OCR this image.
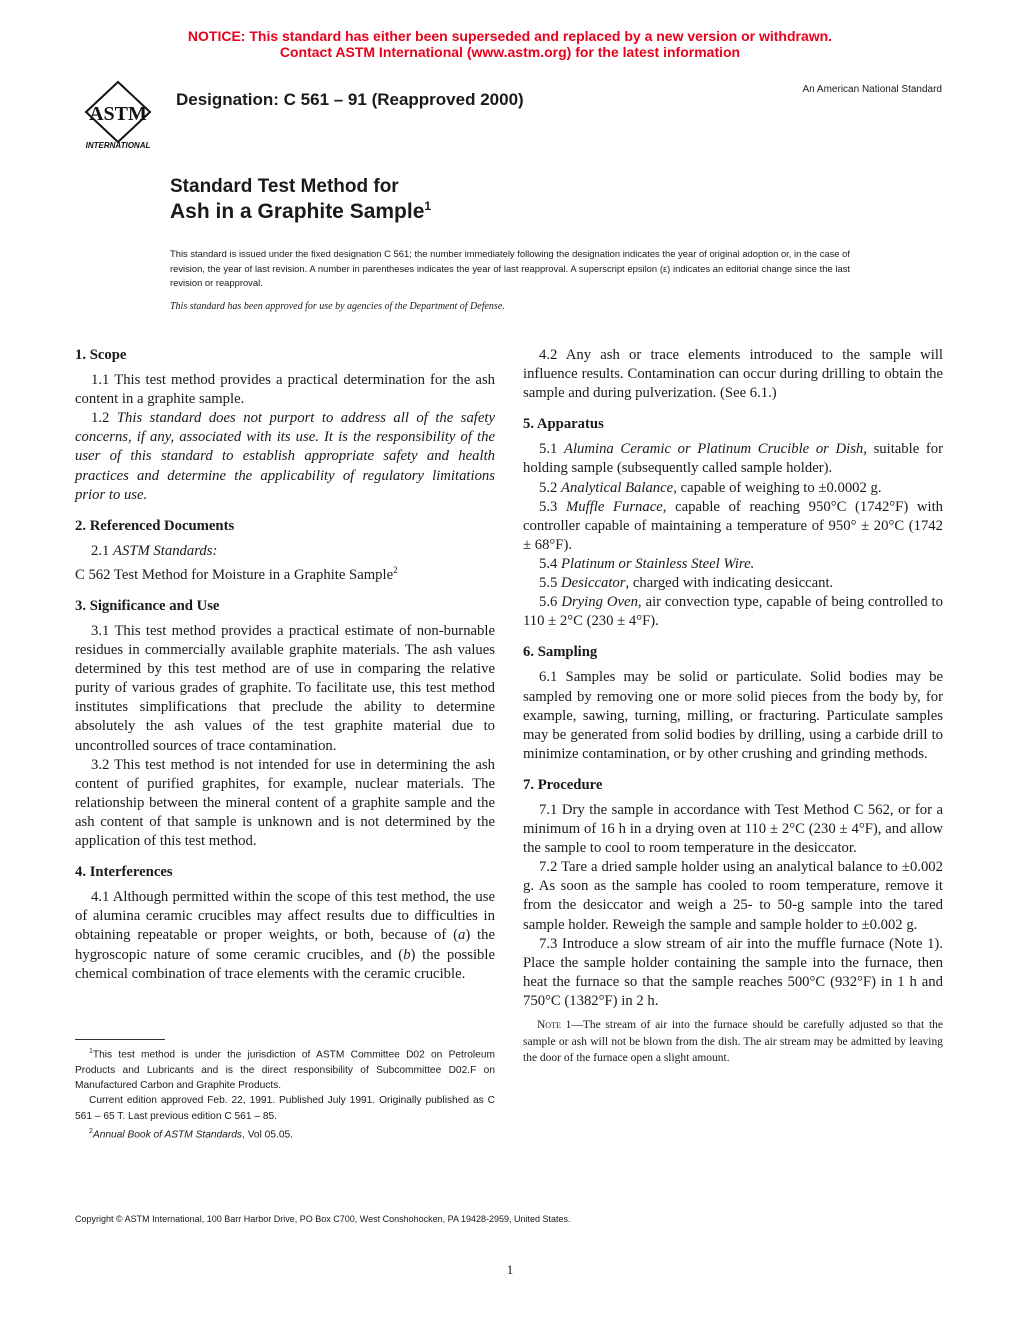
NOTICE: This standard has either been superseded and replaced by a new version or withdrawn.
Contact ASTM International (www.astm.org) for the latest information
ASTM
INTERNATIONAL
Designation: C 561 – 91 (Reapproved 2000)
An American National Standard
Standard Test Method for
Ash in a Graphite Sample$^1$
This standard is issued under the fixed designation C 561; the number immediately following the designation indicates the year of original adoption or, in the case of revision, the year of last revision. A number in parentheses indicates the year of last reapproval. A superscript epsilon (ε) indicates an editorial change since the last revision or reapproval.
This standard has been approved for use by agencies of the Department of Defense.
1. Scope

1.1 This test method provides a practical determination for the ash content in a graphite sample.

1.2 This standard does not purport to address all of the safety concerns, if any, associated with its use. It is the responsibility of the user of this standard to establish appropriate safety and health practices and determine the applicability of regulatory limitations prior to use.

2. Referenced Documents

2.1 ASTM Standards:

C 562 Test Method for Moisture in a Graphite Sample$^2$

3. Significance and Use

3.1 This test method provides a practical estimate of non-burnable residues in commercially available graphite materials. The ash values determined by this test method are of use in comparing the relative purity of various grades of graphite. To facilitate use, this test method institutes simplifications that preclude the ability to determine absolutely the ash values of the test graphite material due to uncontrolled sources of trace contamination.

3.2 This test method is not intended for use in determining the ash content of purified graphites, for example, nuclear materials. The relationship between the mineral content of a graphite sample and the ash content of that sample is unknown and is not determined by the application of this test method.

4. Interferences

4.1 Although permitted within the scope of this test method, the use of alumina ceramic crucibles may affect results due to difficulties in obtaining repeatable or proper weights, or both, because of (a) the hygroscopic nature of some ceramic crucibles, and (b) the possible chemical combination of trace elements with the ceramic crucible.

$^1$This test method is under the jurisdiction of ASTM Committee D02 on Petroleum Products and Lubricants and is the direct responsibility of Subcommittee D02.F on Manufactured Carbon and Graphite Products.

Current edition approved Feb. 22, 1991. Published July 1991. Originally published as C 561 – 65 T. Last previous edition C 561 – 85.

$^2$Annual Book of ASTM Standards, Vol 05.05.

4.2 Any ash or trace elements introduced to the sample will influence results. Contamination can occur during drilling to obtain the sample and during pulverization. (See 6.1.)

5. Apparatus

5.1 Alumina Ceramic or Platinum Crucible or Dish, suitable for holding sample (subsequently called sample holder).

5.2 Analytical Balance, capable of weighing to ±0.0002 g.

5.3 Muffle Furnace, capable of reaching 950°C (1742°F) with controller capable of maintaining a temperature of 950° ± 20°C (1742 ± 68°F).

5.4 Platinum or Stainless Steel Wire.

5.5 Desiccator, charged with indicating desiccant.

5.6 Drying Oven, air convection type, capable of being controlled to 110 ± 2°C (230 ± 4°F).

6. Sampling

6.1 Samples may be solid or particulate. Solid bodies may be sampled by removing one or more solid pieces from the body by, for example, sawing, turning, milling, or fracturing. Particulate samples may be generated from solid bodies by drilling, using a carbide drill to minimize contamination, or by other crushing and grinding methods.

7. Procedure

7.1 Dry the sample in accordance with Test Method C 562, or for a minimum of 16 h in a drying oven at 110 ± 2°C (230 ± 4°F), and allow the sample to cool to room temperature in the desiccator.

7.2 Tare a dried sample holder using an analytical balance to ±0.002 g. As soon as the sample has cooled to room temperature, remove it from the desiccator and weigh a 25- to 50-g sample into the tared sample holder. Reweigh the sample and sample holder to ±0.002 g.

7.3 Introduce a slow stream of air into the muffle furnace (Note 1). Place the sample holder containing the sample into the furnace, then heat the furnace so that the sample reaches 500°C (932°F) in 1 h and 750°C (1382°F) in 2 h.

Note 1—The stream of air into the furnace should be carefully adjusted so that the sample or ash will not be blown from the dish. The air stream may be admitted by leaving the door of the furnace open a slight amount.

Copyright © ASTM International, 100 Barr Harbor Drive, PO Box C700, West Conshohocken, PA 19428-2959, United States.
1
